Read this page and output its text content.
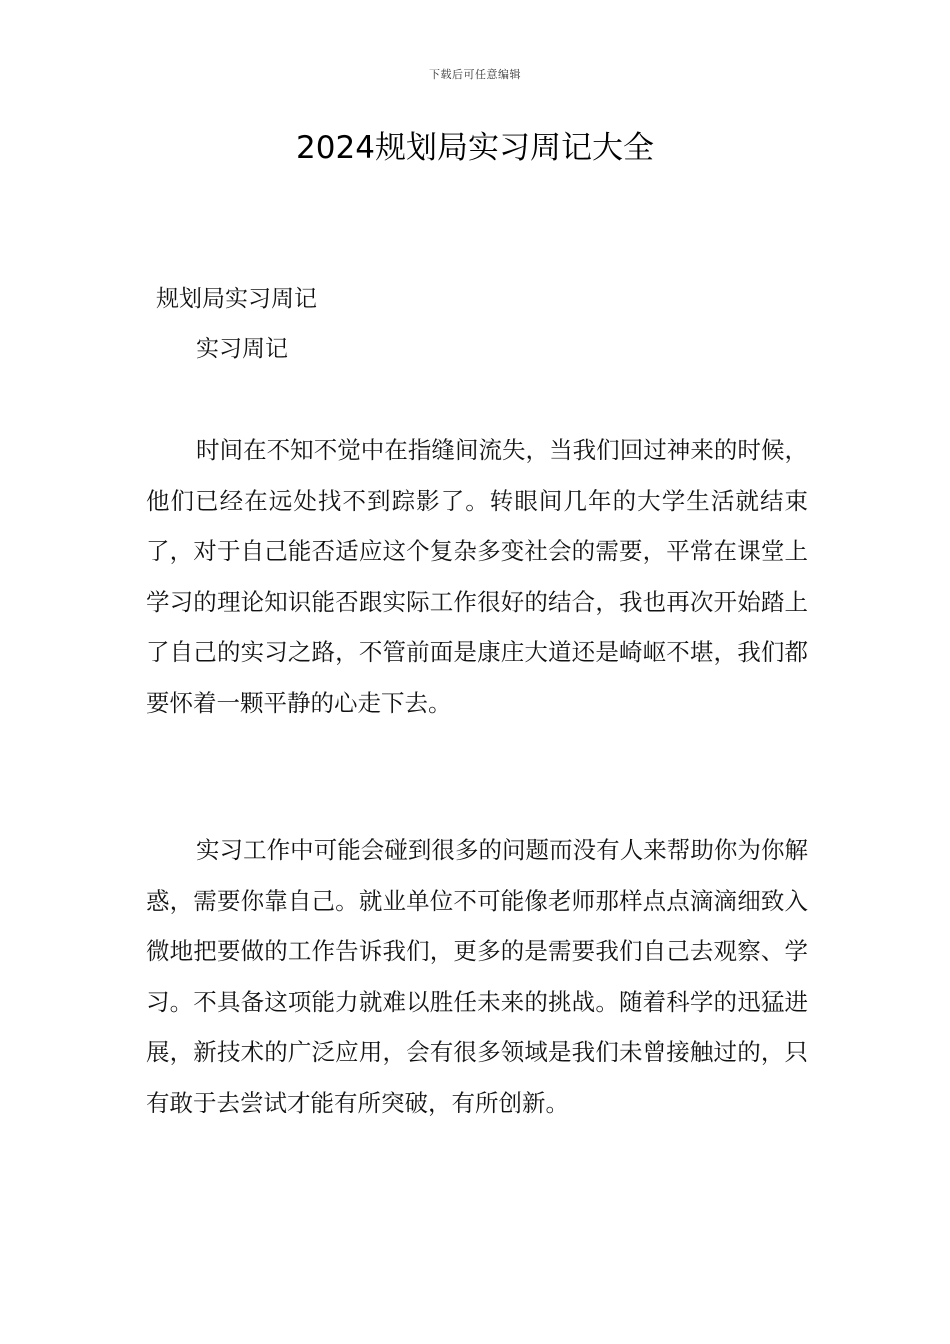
下载后可任意编辑
2024规划局实习周记大全
规划局实习周记
实习周记

时间在不知不觉中在指缝间流失，当我们回过神来的时候，他们已经在远处找不到踪影了。转眼间几年的大学生活就结束了，对于自己能否适应这个复杂多变社会的需要，平常在课堂上学习的理论知识能否跟实际工作很好的结合，我也再次开始踏上了自己的实习之路，不管前面是康庄大道还是崎岖不堪，我们都要怀着一颗平静的心走下去。

实习工作中可能会碰到很多的问题而没有人来帮助你为你解惑，需要你靠自己。就业单位不可能像老师那样点点滴滴细致入微地把要做的工作告诉我们，更多的是需要我们自己去观察、学习。不具备这项能力就难以胜任未来的挑战。随着科学的迅猛进展，新技术的广泛应用，会有很多领域是我们未曾接触过的，只有敢于去尝试才能有所突破，有所创新。
